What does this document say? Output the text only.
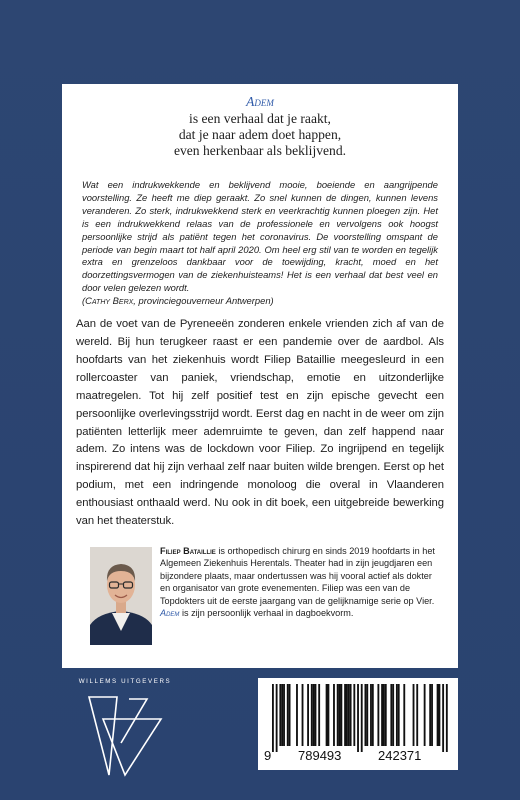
Adem
is een verhaal dat je raakt,
dat je naar adem doet happen,
even herkenbaar als beklijvend.
Wat een indrukwekkende en beklijvend mooie, boeiende en aangrijpende voorstelling. Ze heeft me diep geraakt. Zo snel kunnen de dingen, kunnen levens veranderen. Zo sterk, indrukwekkend sterk en veerkrachtig kunnen ploegen zijn. Het is een indrukwekkend relaas van de professionele en vervolgens ook hoogst persoonlijke strijd als patiënt tegen het coronavirus. De voorstelling omspant de periode van begin maart tot half april 2020. Om heel erg stil van te worden en tegelijk extra en grenzeloos dankbaar voor de toewijding, kracht, moed en het doorzettingsvermogen van de ziekenhuisteams! Het is een verhaal dat best veel en door velen gelezen wordt.
(Cathy Berx, provinciegouverneur Antwerpen)
Aan de voet van de Pyreneeën zonderen enkele vrienden zich af van de wereld. Bij hun terugkeer raast er een pandemie over de aardbol. Als hoofdarts van het ziekenhuis wordt Filiep Bataillie meegesleurd in een rollercoaster van paniek, vriendschap, emotie en uitzonderlijke maatregelen. Tot hij zelf positief test en zijn epische gevecht een persoonlijke overlevingsstrijd wordt. Eerst dag en nacht in de weer om zijn patiënten letterlijk meer ademruimte te geven, dan zelf happend naar adem. Zo intens was de lockdown voor Filiep. Zo ingrijpend en tegelijk inspirerend dat hij zijn verhaal zelf naar buiten wilde brengen. Eerst op het podium, met een indringende monoloog die overal in Vlaanderen enthousiast onthaald werd. Nu ook in dit boek, een uitgebreide bewerking van het theaterstuk.
Filiep Bataillie is orthopedisch chirurg en sinds 2019 hoofdarts in het Algemeen Ziekenhuis Herentals. Theater had in zijn jeugdjaren een bijzondere plaats, maar ondertussen was hij vooral actief als dokter en organisator van grote evenementen. Filiep was een van de Topdokters uit de eerste jaargang van de gelijknamige serie op Vier. Adem is zijn persoonlijk verhaal in dagboekvorm.
WILLEMS UITGEVERS
9 789493	242371
